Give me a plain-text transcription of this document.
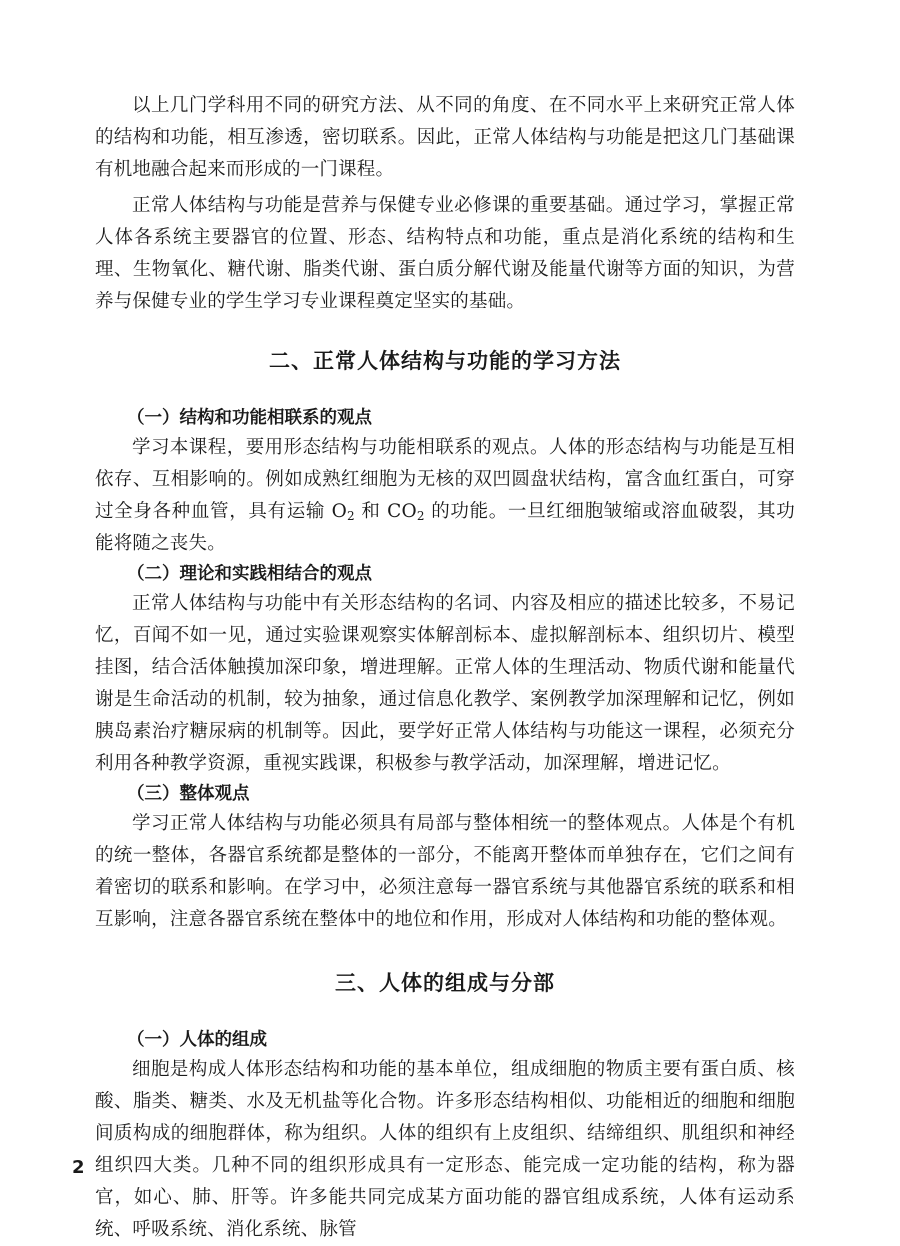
以上几门学科用不同的研究方法、从不同的角度、在不同水平上来研究正常人体的结构和功能，相互渗透，密切联系。因此，正常人体结构与功能是把这几门基础课有机地融合起来而形成的一门课程。

正常人体结构与功能是营养与保健专业必修课的重要基础。通过学习，掌握正常人体各系统主要器官的位置、形态、结构特点和功能，重点是消化系统的结构和生理、生物氧化、糖代谢、脂类代谢、蛋白质分解代谢及能量代谢等方面的知识，为营养与保健专业的学生学习专业课程奠定坚实的基础。

二、正常人体结构与功能的学习方法
（一）结构和功能相联系的观点

学习本课程，要用形态结构与功能相联系的观点。人体的形态结构与功能是互相依存、互相影响的。例如成熟红细胞为无核的双凹圆盘状结构，富含血红蛋白，可穿过全身各种血管，具有运输 $O_2$ 和 $CO_2$ 的功能。一旦红细胞皱缩或溶血破裂，其功能将随之丧失。

（二）理论和实践相结合的观点

正常人体结构与功能中有关形态结构的名词、内容及相应的描述比较多，不易记忆，百闻不如一见，通过实验课观察实体解剖标本、虚拟解剖标本、组织切片、模型挂图，结合活体触摸加深印象，增进理解。正常人体的生理活动、物质代谢和能量代谢是生命活动的机制，较为抽象，通过信息化教学、案例教学加深理解和记忆，例如胰岛素治疗糖尿病的机制等。因此，要学好正常人体结构与功能这一课程，必须充分利用各种教学资源，重视实践课，积极参与教学活动，加深理解，增进记忆。

（三）整体观点

学习正常人体结构与功能必须具有局部与整体相统一的整体观点。人体是个有机的统一整体，各器官系统都是整体的一部分，不能离开整体而单独存在，它们之间有着密切的联系和影响。在学习中，必须注意每一器官系统与其他器官系统的联系和相互影响，注意各器官系统在整体中的地位和作用，形成对人体结构和功能的整体观。

三、人体的组成与分部
（一）人体的组成

细胞是构成人体形态结构和功能的基本单位，组成细胞的物质主要有蛋白质、核酸、脂类、糖类、水及无机盐等化合物。许多形态结构相似、功能相近的细胞和细胞间质构成的细胞群体，称为组织。人体的组织有上皮组织、结缔组织、肌组织和神经组织四大类。几种不同的组织形成具有一定形态、能完成一定功能的结构，称为器官，如心、肺、肝等。许多能共同完成某方面功能的器官组成系统，人体有运动系统、呼吸系统、消化系统、脉管

2
